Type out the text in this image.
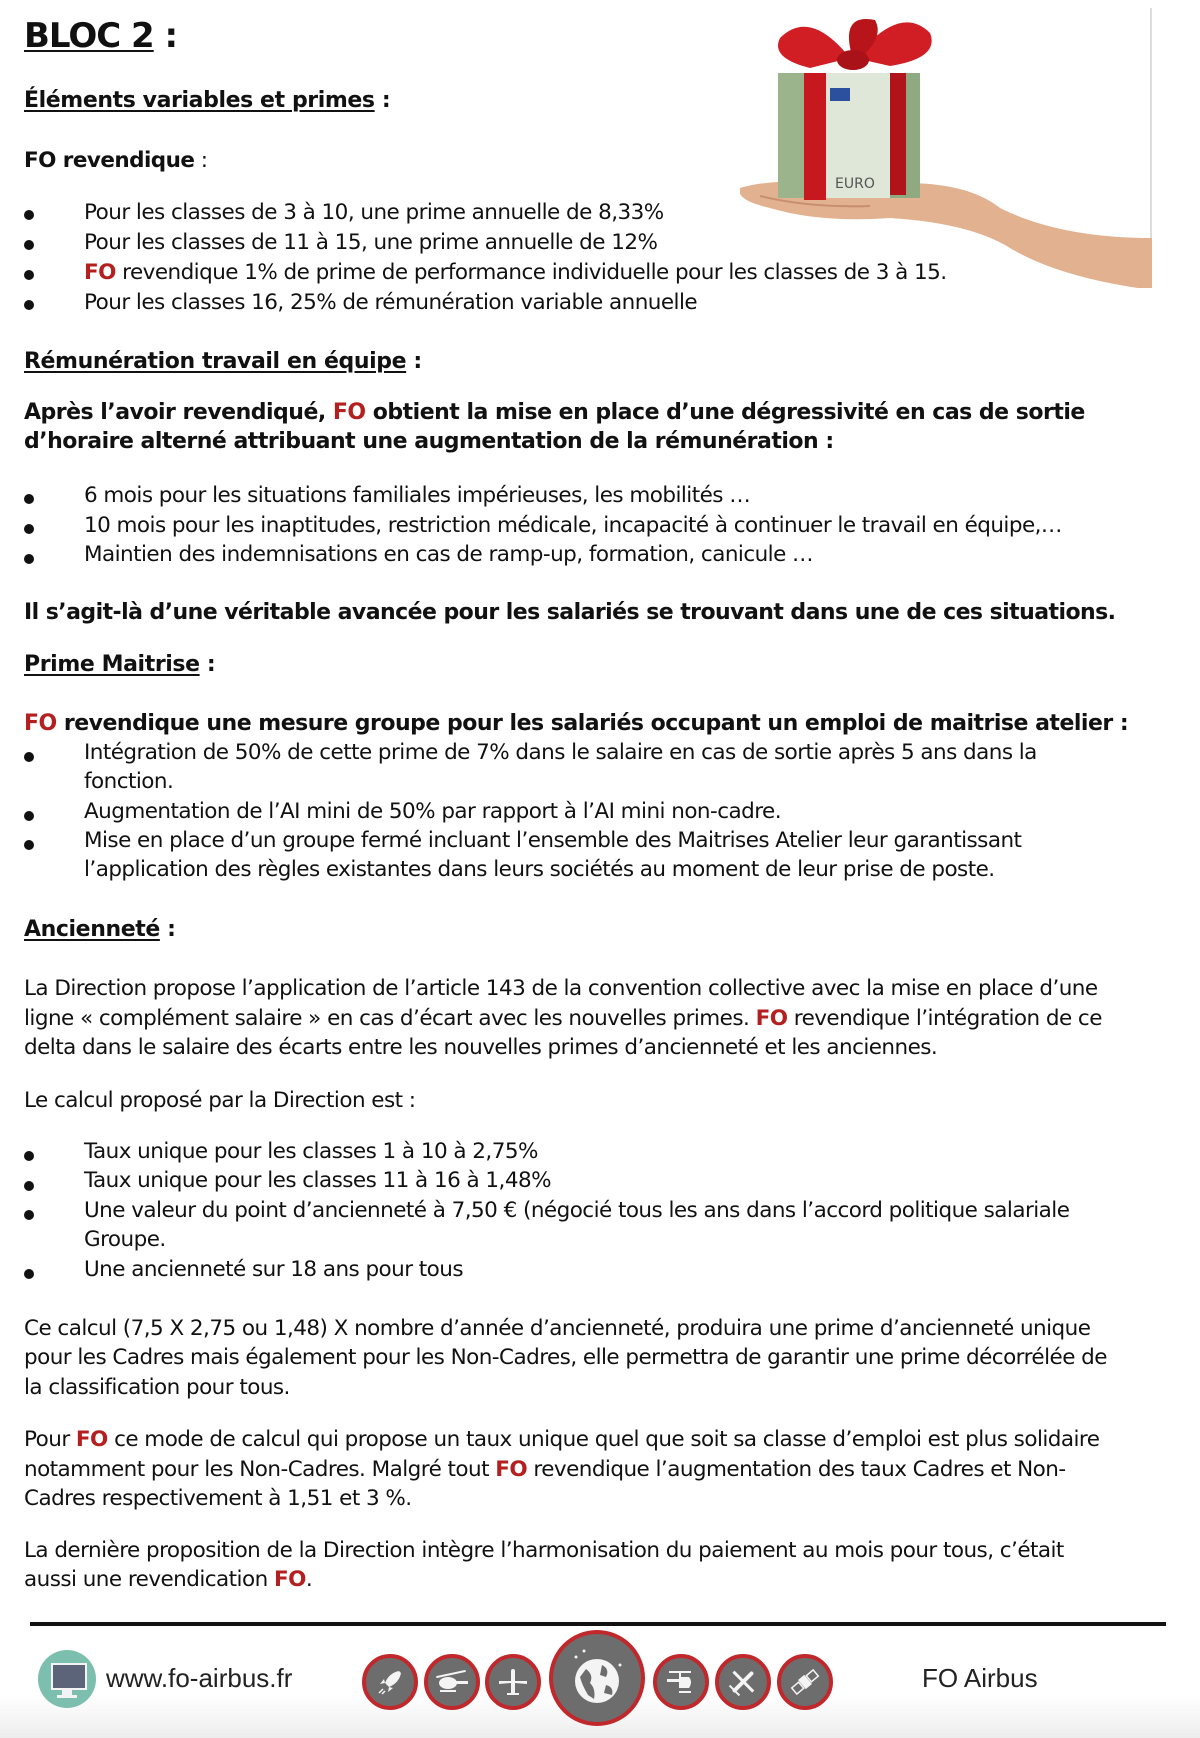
BLOC 2 :
EURO
Éléments variables et primes :
FO revendique :
Pour les classes de 3 à 10, une prime annuelle de 8,33%
Pour les classes de 11 à 15, une prime annuelle de 12%
FO revendique 1% de prime de performance individuelle pour les classes de 3 à 15.
Pour les classes 16, 25% de rémunération variable annuelle
Rémunération travail en équipe :
Après l’avoir revendiqué, FO obtient la mise en place d’une dégressivité en cas de sortie
d’horaire alterné attribuant une augmentation de la rémunération :
6 mois pour les situations familiales impérieuses, les mobilités …
10 mois pour les inaptitudes, restriction médicale, incapacité à continuer le travail en équipe,…
Maintien des indemnisations en cas de ramp-up, formation, canicule …
Il s’agit-là d’une véritable avancée pour les salariés se trouvant dans une de ces situations.
Prime Maitrise :
FO revendique une mesure groupe pour les salariés occupant un emploi de maitrise atelier :
Intégration de 50% de cette prime de 7% dans le salaire en cas de sortie après 5 ans dans la
fonction.
Augmentation de l’AI mini de 50% par rapport à l’AI mini non-cadre.
Mise en place d’un groupe fermé incluant l’ensemble des Maitrises Atelier leur garantissant
l’application des règles existantes dans leurs sociétés au moment de leur prise de poste.
Ancienneté :
La Direction propose l’application de l’article 143 de la convention collective avec la mise en place d’une
ligne « complément salaire » en cas d’écart avec les nouvelles primes. FO revendique l’intégration de ce
delta dans le salaire des écarts entre les nouvelles primes d’ancienneté et les anciennes.
Le calcul proposé par la Direction est :
Taux unique pour les classes 1 à 10 à 2,75%
Taux unique pour les classes 11 à 16 à 1,48%
Une valeur du point d’ancienneté à 7,50 € (négocié tous les ans dans l’accord politique salariale
Groupe.
Une ancienneté sur 18 ans pour tous
Ce calcul (7,5 X 2,75 ou 1,48) X nombre d’année d’ancienneté, produira une prime d’ancienneté unique
pour les Cadres mais également pour les Non-Cadres, elle permettra de garantir une prime décorrélée de
la classification pour tous.
Pour FO ce mode de calcul qui propose un taux unique quel que soit sa classe d’emploi est plus solidaire
notamment pour les Non-Cadres. Malgré tout FO revendique l’augmentation des taux Cadres et Non-
Cadres respectivement à 1,51 et 3 %.
La dernière proposition de la Direction intègre l’harmonisation du paiement au mois pour tous, c’était
aussi une revendication FO.
www.fo-airbus.fr	FO Airbus
